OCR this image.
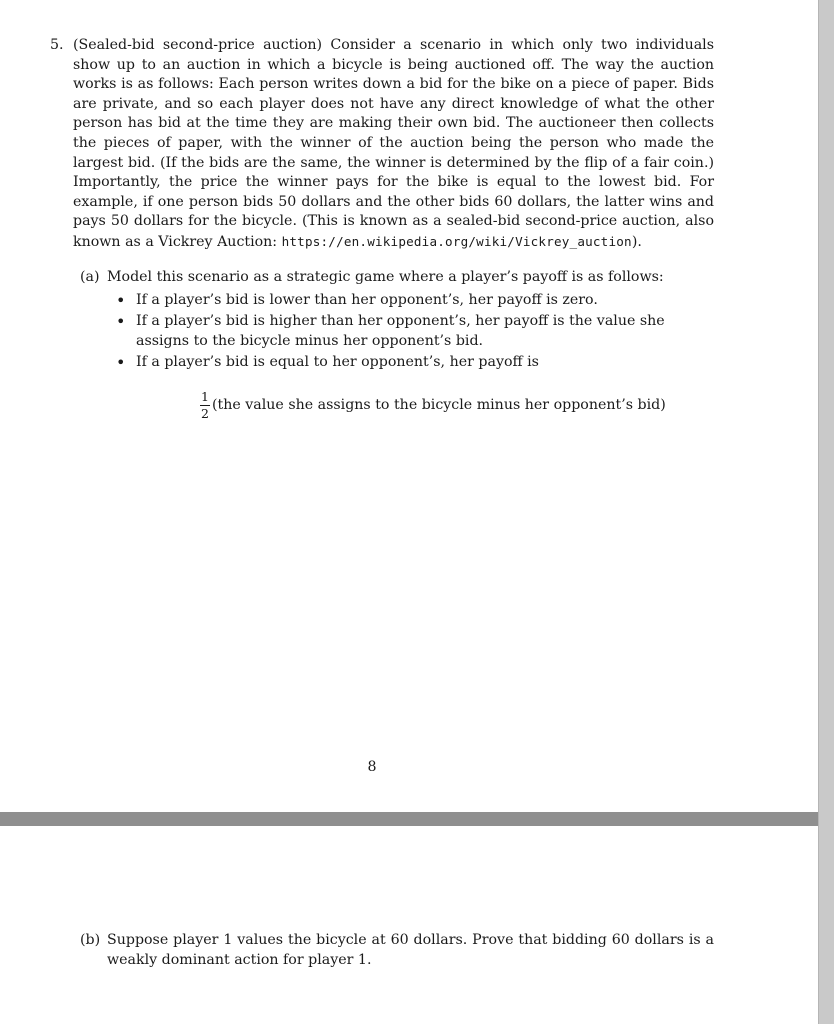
5. (Sealed-bid second-price auction) Consider a scenario in which only two individuals show up to an auction in which a bicycle is being auctioned off. The way the auction works is as follows: Each person writes down a bid for the bike on a piece of paper. Bids are private, and so each player does not have any direct knowledge of what the other person has bid at the time they are making their own bid. The auctioneer then collects the pieces of paper, with the winner of the auction being the person who made the largest bid. (If the bids are the same, the winner is determined by the flip of a fair coin.) Importantly, the price the winner pays for the bike is equal to the lowest bid. For example, if one person bids 50 dollars and the other bids 60 dollars, the latter wins and pays 50 dollars for the bicycle. (This is known as a sealed-bid second-price auction, also known as a Vickrey Auction: https://en.wikipedia.org/wiki/Vickrey_auction).
(a) Model this scenario as a strategic game where a player’s payoff is as follows:
• If a player’s bid is lower than her opponent’s, her payoff is zero.
• If a player’s bid is higher than her opponent’s, her payoff is the value she assigns to the bicycle minus her opponent’s bid.
• If a player’s bid is equal to her opponent’s, her payoff is
$\frac{1}{2} (the$ value she assigns to the bicycle minus her opponent’s bid)
8
(b) Suppose player 1 values the bicycle at 60 dollars. Prove that bidding 60 dollars is a weakly dominant action for player 1.
